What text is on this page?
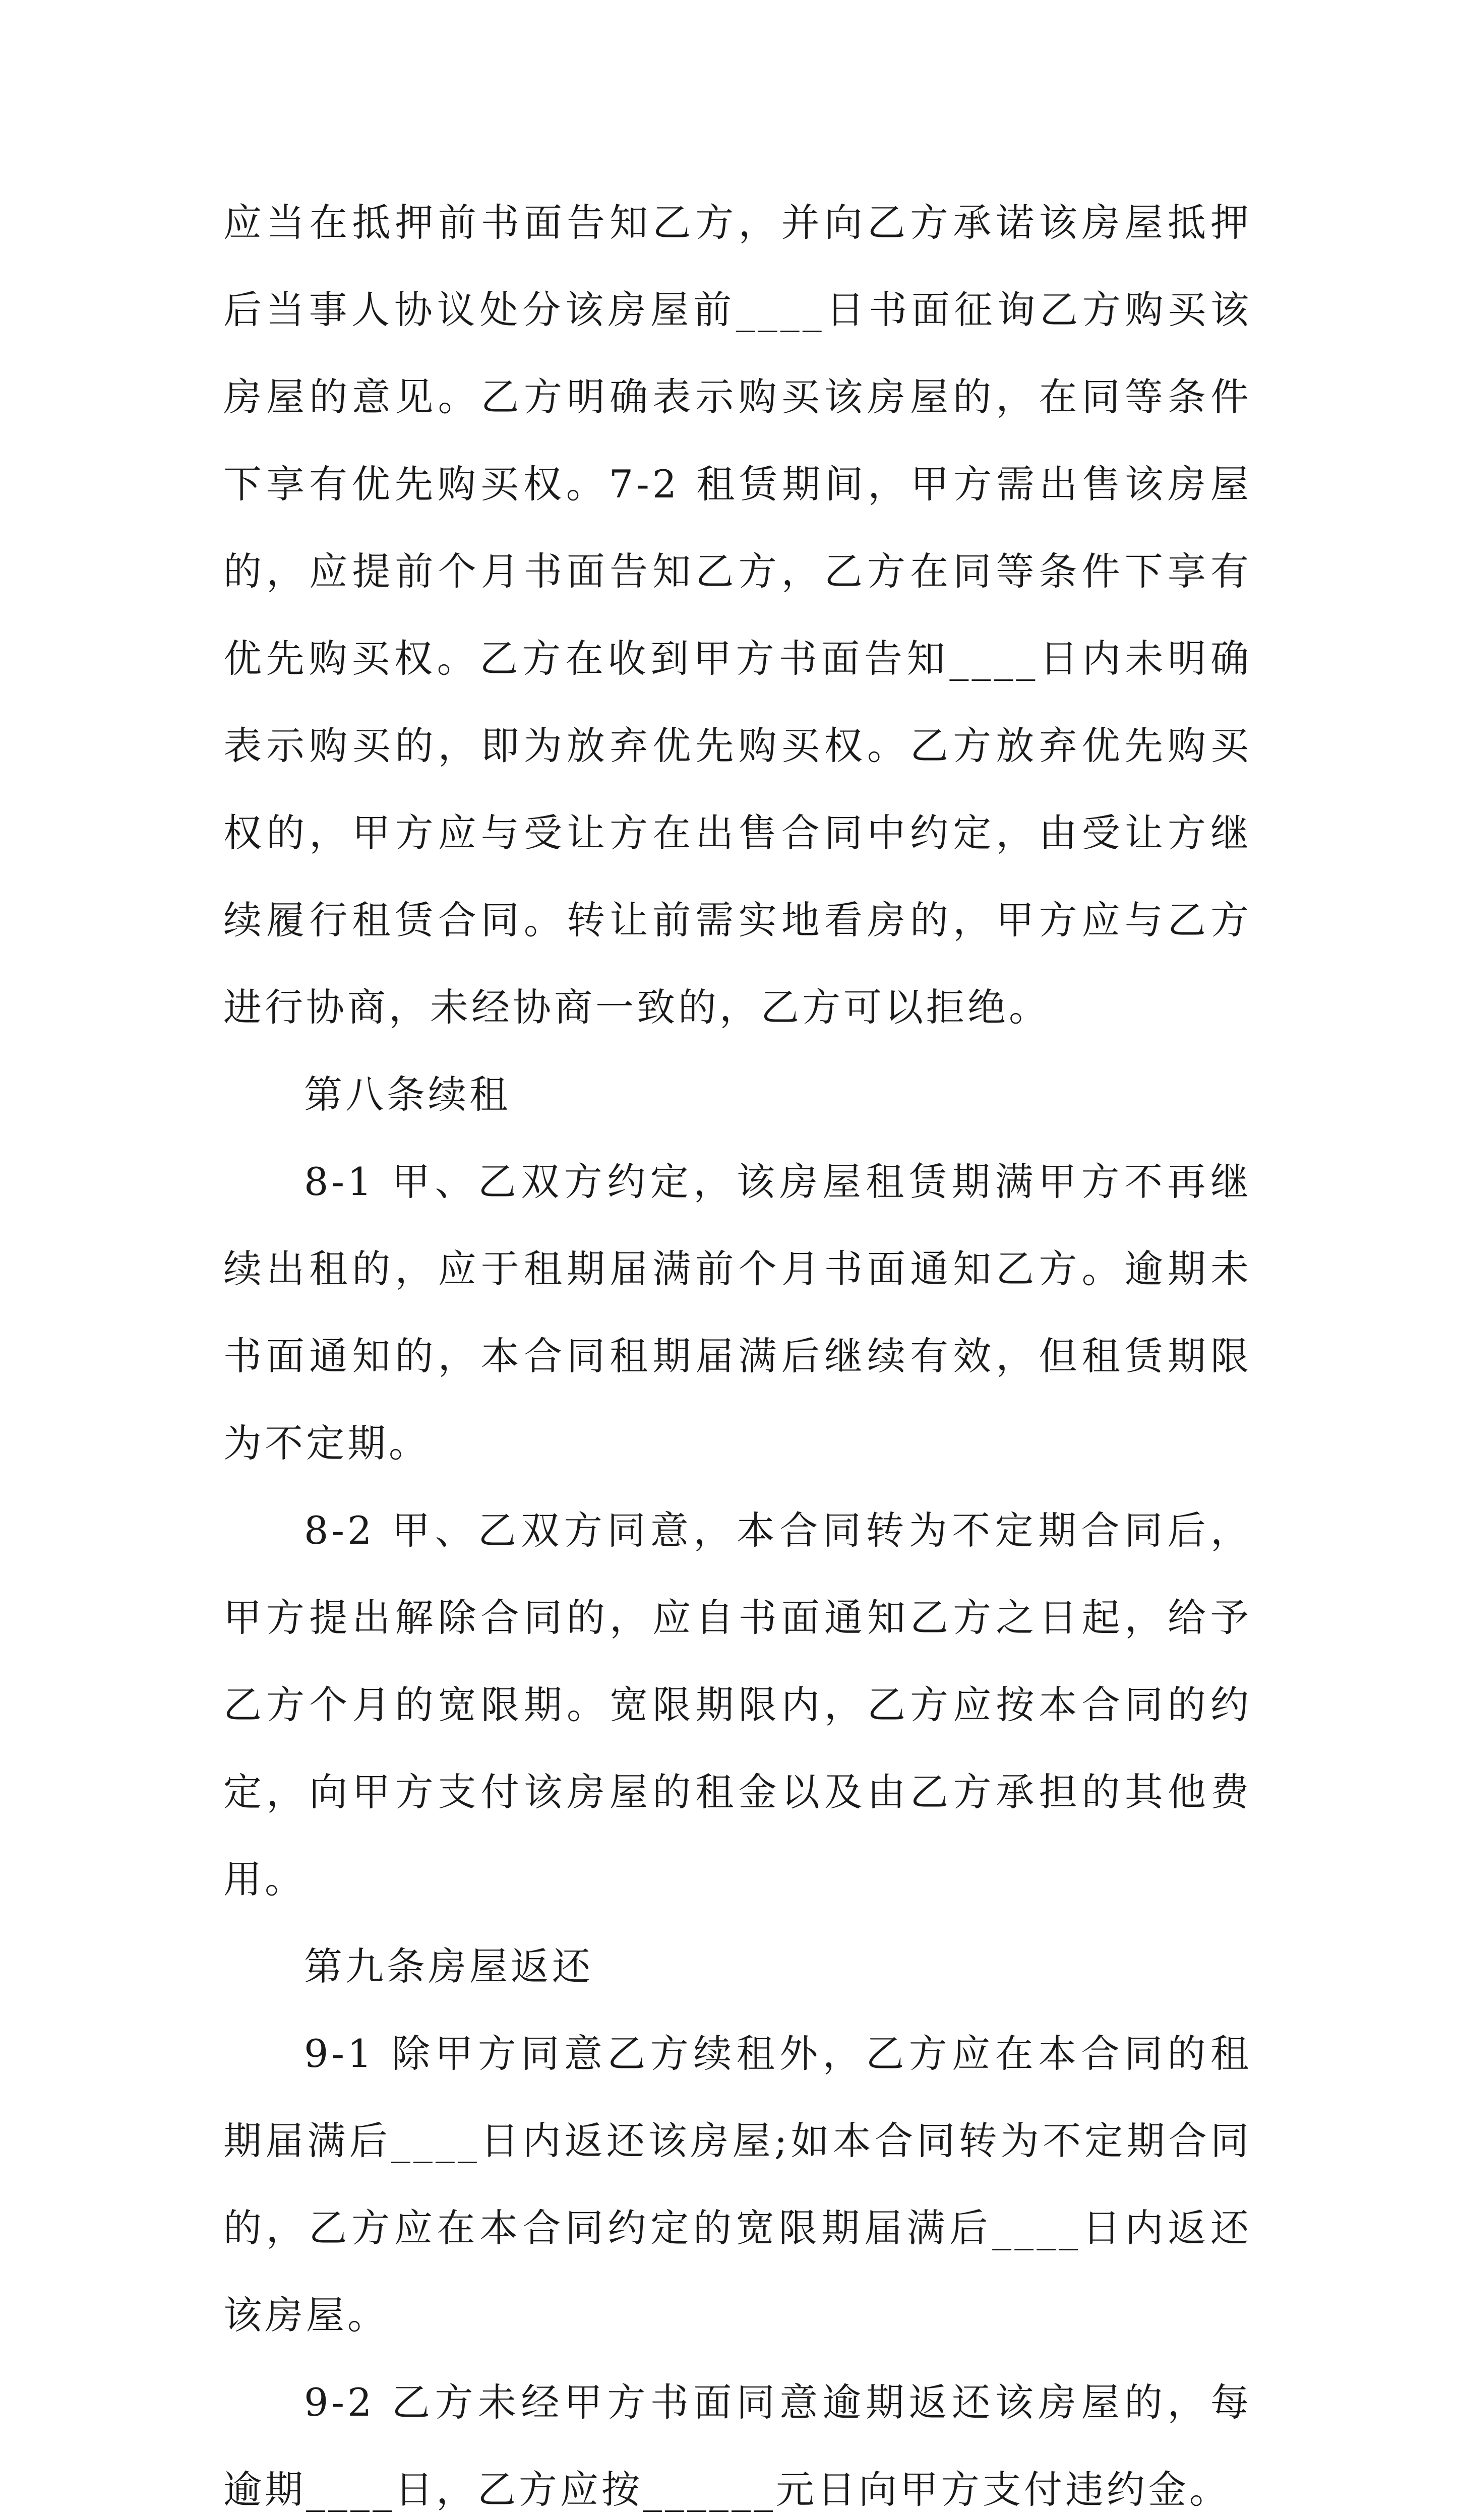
应当在抵押前书面告知乙方，并向乙方承诺该房屋抵押后当事人协议处分该房屋前____日书面征询乙方购买该房屋的意见。乙方明确表示购买该房屋的，在同等条件下享有优先购买权。7-2 租赁期间，甲方需出售该房屋的，应提前个月书面告知乙方，乙方在同等条件下享有优先购买权。乙方在收到甲方书面告知____日内未明确表示购买的，即为放弃优先购买权。乙方放弃优先购买权的，甲方应与受让方在出售合同中约定，由受让方继续履行租赁合同。转让前需实地看房的，甲方应与乙方进行协商，未经协商一致的，乙方可以拒绝。

第八条续租

8-1 甲、乙双方约定，该房屋租赁期满甲方不再继续出租的，应于租期届满前个月书面通知乙方。逾期未书面通知的，本合同租期届满后继续有效，但租赁期限为不定期。

8-2 甲、乙双方同意，本合同转为不定期合同后，甲方提出解除合同的，应自书面通知乙方之日起，给予乙方个月的宽限期。宽限期限内，乙方应按本合同的约定，向甲方支付该房屋的租金以及由乙方承担的其他费用。

第九条房屋返还

9-1 除甲方同意乙方续租外，乙方应在本合同的租期届满后____日内返还该房屋;如本合同转为不定期合同的，乙方应在本合同约定的宽限期届满后____日内返还该房屋。

9-2 乙方未经甲方书面同意逾期返还该房屋的，每逾期____日，乙方应按______元日向甲方支付违约金。
